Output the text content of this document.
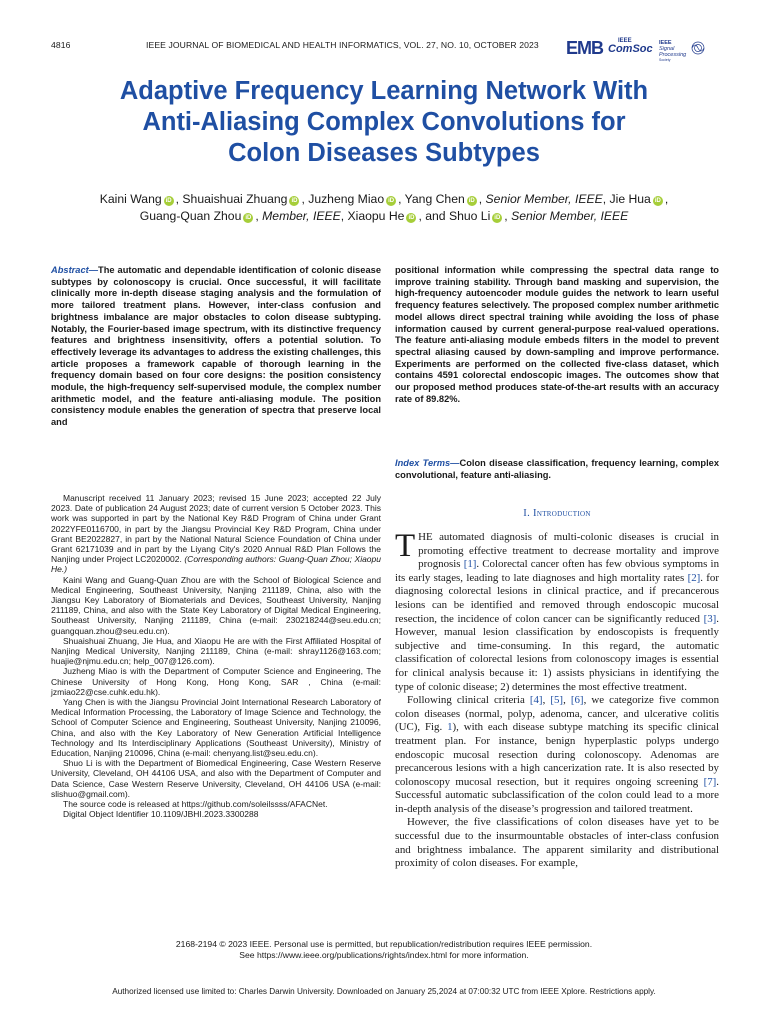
4816	IEEE JOURNAL OF BIOMEDICAL AND HEALTH INFORMATICS, VOL. 27, NO. 10, OCTOBER 2023 EMB	IEEE
ComSoc IEEE
Signal
Processing
Society
Adaptive Frequency Learning Network With
Anti-Aliasing Complex Convolutions for
Colon Diseases Subtypes
Kaini Wang iD , Shuaishuai Zhuang iD , Juzheng Miao iD , Yang Chen iD , Senior Member, IEEE, Jie Hua iD ,
Guang-Quan Zhou iD , Member, IEEE, Xiaopu He iD , and Shuo Li iD , Senior Member, IEEE
Abstract—The automatic and dependable identification of colonic disease subtypes by colonoscopy is crucial. Once successful, it will facilitate clinically more in-depth disease staging analysis and the formulation of more tailored treatment plans. However, inter-class confusion and brightness imbalance are major obstacles to colon disease subtyping. Notably, the Fourier-based image spectrum, with its distinctive frequency features and brightness insensitivity, offers a potential solution. To effectively leverage its advantages to address the existing challenges, this article proposes a framework capable of thorough learning in the frequency domain based on four core designs: the position consistency module, the high-frequency self-supervised module, the complex number arithmetic model, and the feature anti-aliasing module. The position consistency module enables the generation of spectra that preserve local and
positional information while compressing the spectral data range to improve training stability. Through band masking and supervision, the high-frequency autoencoder module guides the network to learn useful frequency features selectively. The proposed complex number arithmetic model allows direct spectral training while avoiding the loss of phase information caused by current general-purpose real-valued operations. The feature anti-aliasing module embeds filters in the model to prevent spectral aliasing caused by down-sampling and improve performance. Experiments are performed on the collected five-class dataset, which contains 4591 colorectal endoscopic images. The outcomes show that our proposed method produces state-of-the-art results with an accuracy rate of 89.82%.
Index Terms—Colon disease classification, frequency learning, complex convolutional, feature anti-aliasing.

Manuscript received 11 January 2023; revised 15 June 2023; accepted 22 July 2023. Date of publication 24 August 2023; date of current version 5 October 2023. This work was supported in part by the National Key R&D Program of China under Grant 2022YFE0116700, in part by the Jiangsu Provincial Key R&D Program, China under Grant BE2022827, in part by the National Natural Science Foundation of China under Grant 62171039 and in part by the Liyang City's 2020 Annual R&D Plan Follows the Nanjing under Project LC2020002. (Corresponding authors: Guang-Quan Zhou; Xiaopu He.)

Kaini Wang and Guang-Quan Zhou are with the School of Biological Science and Medical Engineering, Southeast University, Nanjing 211189, China, also with the Jiangsu Key Laboratory of Biomaterials and Devices, Southeast University, Nanjing 211189, China, and also with the State Key Laboratory of Digital Medical Engineering, Southeast University, Nanjing 211189, China (e-mail: 230218244@seu.edu.cn; guangquan.zhou@seu.edu.cn).

Shuaishuai Zhuang, Jie Hua, and Xiaopu He are with the First Affiliated Hospital of Nanjing Medical University, Nanjing 211189, China (e-mail: shray1126@163.com; huajie@njmu.edu.cn; help_007@126.com).

Juzheng Miao is with the Department of Computer Science and Engineering, The Chinese University of Hong Kong, Hong Kong, SAR , China (e-mail: jzmiao22@cse.cuhk.edu.hk).

Yang Chen is with the Jiangsu Provincial Joint International Research Laboratory of Medical Information Processing, the Laboratory of Image Science and Technology, the School of Computer Science and Engineering, Southeast University, Nanjing 210096, China, and also with the Key Laboratory of New Generation Artificial Intelligence Technology and Its Interdisciplinary Applications (Southeast University), Ministry of Education, Nanjing 210096, China (e-mail: chenyang.list@seu.edu.cn).

Shuo Li is with the Department of Biomedical Engineering, Case Western Reserve University, Cleveland, OH 44106 USA, and also with the Department of Computer and Data Science, Case Western Reserve University, Cleveland, OH 44106 USA (e-mail: slishuo@gmail.com).

The source code is released at https://github.com/soleilssss/AFACNet.

Digital Object Identifier 10.1109/JBHI.2023.3300288

I. Introduction

THE automated diagnosis of multi-colonic diseases is crucial in promoting effective treatment to decrease mortality and improve prognosis [1]. Colorectal cancer often has few obvious symptoms in its early stages, leading to late diagnoses and high mortality rates [2]. for diagnosing colorectal lesions in clinical practice, and if precancerous lesions can be identified and removed through endoscopic mucosal resection, the incidence of colon cancer can be significantly reduced [3]. However, manual lesion classification by endoscopists is frequently subjective and time-consuming. In this regard, the automatic classification of colorectal lesions from colonoscopy images is essential for clinical analysis because it: 1) assists physicians in identifying the type of colonic disease; 2) determines the most effective treatment.

Following clinical criteria [4], [5], [6], we categorize five common colon diseases (normal, polyp, adenoma, cancer, and ulcerative colitis (UC), Fig. 1), with each disease subtype matching its specific clinical treatment plan. For instance, benign hyperplastic polyps undergo endoscopic mucosal resection during colonoscopy. Adenomas are precancerous lesions with a high cancerization rate. It is also resected by colonoscopy mucosal resection, but it requires ongoing screening [7]. Successful automatic subclassification of the colon could lead to a more in-depth analysis of the disease’s progression and tailored treatment.

However, the five classifications of colon diseases have yet to be successful due to the insurmountable obstacles of inter-class confusion and brightness imbalance. The apparent similarity and distributional proximity of colon diseases. For example,

2168-2194 © 2023 IEEE. Personal use is permitted, but republication/redistribution requires IEEE permission.
See https://www.ieee.org/publications/rights/index.html for more information.
Authorized licensed use limited to: Charles Darwin University. Downloaded on January 25,2024 at 07:00:32 UTC from IEEE Xplore. Restrictions apply.
